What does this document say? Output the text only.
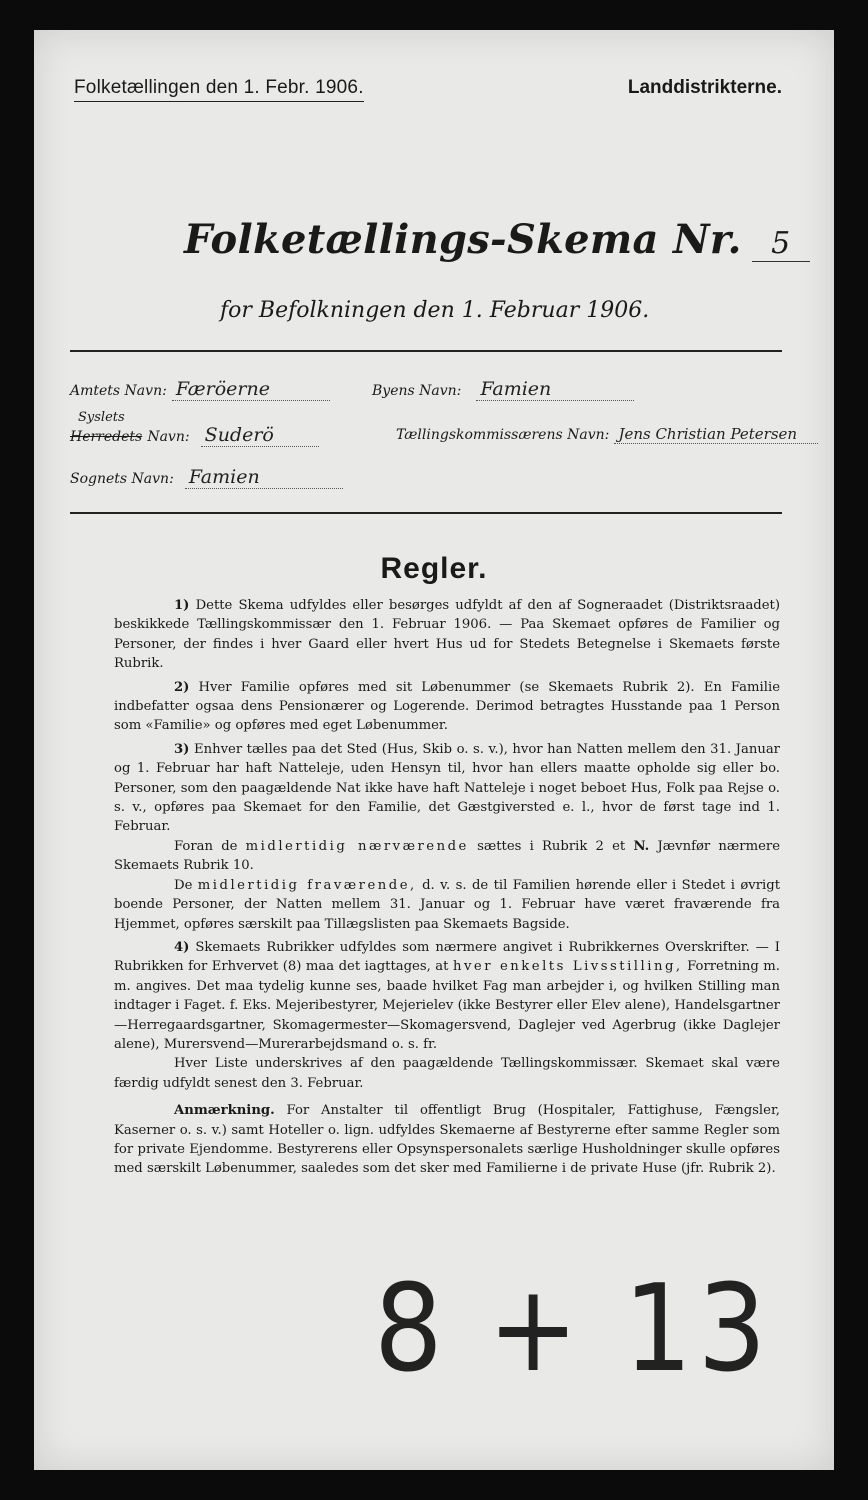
Folketællingen den 1. Febr. 1906.	Landdistrikterne.
Folketællings-Skema Nr. 5
for Befolkningen den 1. Februar 1906.
Amtets Navn: Færöerne	Byens Navn: Famien
Syslets
Herredets Navn: Suderö	Tællingskommissærens Navn: Jens Christian Petersen
Sognets Navn: Famien
Regler.

1) Dette Skema udfyldes eller besørges udfyldt af den af Sogneraadet (Distriktsraadet) beskikkede Tællingskommissær den 1. Februar 1906. — Paa Skemaet opføres de Familier og Personer, der findes i hver Gaard eller hvert Hus ud for Stedets Betegnelse i Skemaets første Rubrik.

2) Hver Familie opføres med sit Løbenummer (se Skemaets Rubrik 2). En Familie indbefatter ogsaa dens Pensionærer og Logerende. Derimod betragtes Husstande paa 1 Person som «Familie» og opføres med eget Løbenummer.

3) Enhver tælles paa det Sted (Hus, Skib o. s. v.), hvor han Natten mellem den 31. Januar og 1. Februar har haft Natteleje, uden Hensyn til, hvor han ellers maatte opholde sig eller bo. Personer, som den paagældende Nat ikke have haft Natteleje i noget beboet Hus, Folk paa Rejse o. s. v., opføres paa Skemaet for den Familie, det Gæstgiversted e. l., hvor de først tage ind 1. Februar.

Foran de midlertidig nærværende sættes i Rubrik 2 et N. Jævnfør nærmere Skemaets Rubrik 10.

De midlertidig fraværende, d. v. s. de til Familien hørende eller i Stedet i øvrigt boende Personer, der Natten mellem 31. Januar og 1. Februar have været fraværende fra Hjemmet, opføres særskilt paa Tillægslisten paa Skemaets Bagside.

4) Skemaets Rubrikker udfyldes som nærmere angivet i Rubrikkernes Overskrifter. — I Rubrikken for Erhvervet (8) maa det iagttages, at hver enkelts Livsstilling, Forretning m. m. angives. Det maa tydelig kunne ses, baade hvilket Fag man arbejder i, og hvilken Stilling man indtager i Faget. f. Eks. Mejeribestyrer, Mejerielev (ikke Bestyrer eller Elev alene), Handelsgartner—Herregaardsgartner, Skomagermester—Skomagersvend, Daglejer ved Agerbrug (ikke Daglejer alene), Murersvend—Murerarbejdsmand o. s. fr.

Hver Liste underskrives af den paagældende Tællingskommissær. Skemaet skal være færdig udfyldt senest den 3. Februar.

Anmærkning. For Anstalter til offentligt Brug (Hospitaler, Fattighuse, Fængsler, Kaserner o. s. v.) samt Hoteller o. lign. udfyldes Skemaerne af Bestyrerne efter samme Regler som for private Ejendomme. Bestyrerens eller Opsynspersonalets særlige Husholdninger skulle opføres med særskilt Løbenummer, saaledes som det sker med Familierne i de private Huse (jfr. Rubrik 2).

8 + 13
